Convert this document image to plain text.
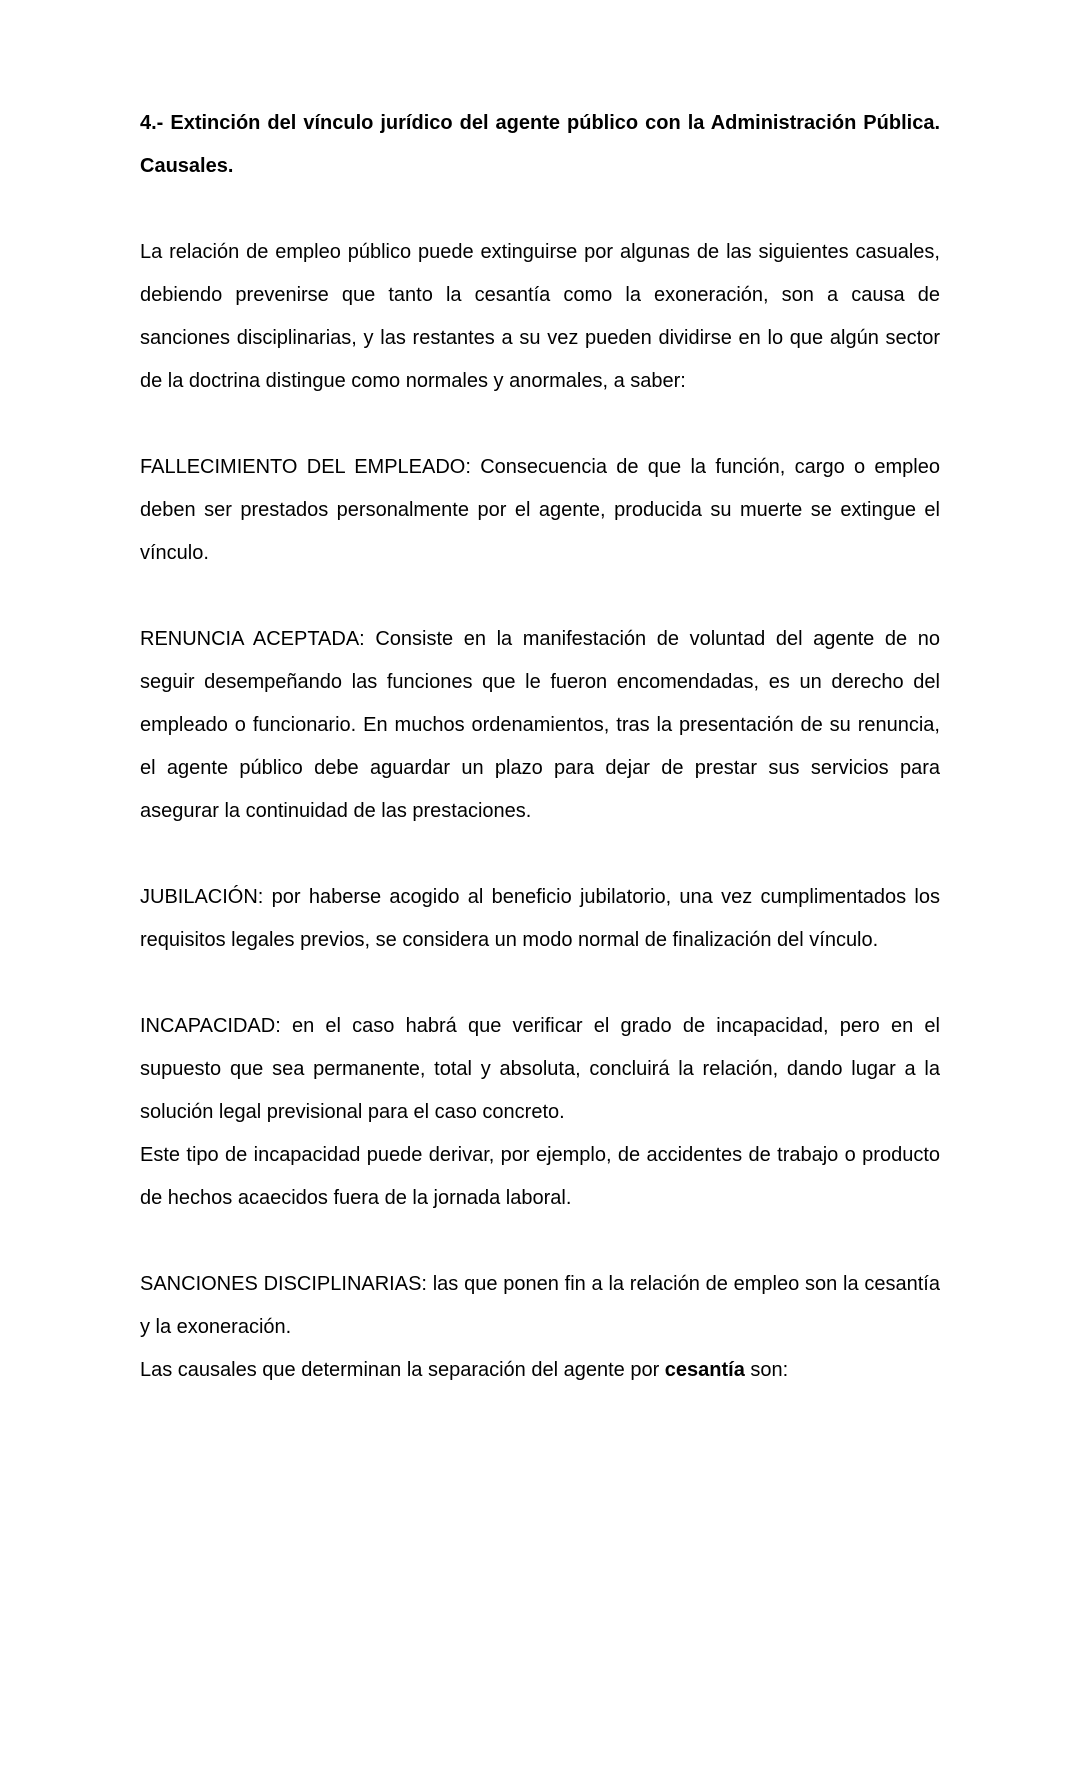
4.- Extinción del vínculo jurídico del agente público con la Administración Pública. Causales.

La relación de empleo público puede extinguirse por algunas de las siguientes casuales, debiendo prevenirse que tanto la cesantía como la exoneración, son a causa de sanciones disciplinarias, y las restantes a su vez pueden dividirse en lo que algún sector de la doctrina distingue como normales y anormales, a saber:

FALLECIMIENTO DEL EMPLEADO: Consecuencia de que la función, cargo o empleo deben ser prestados personalmente por el agente, producida su muerte se extingue el vínculo.

RENUNCIA ACEPTADA: Consiste en la manifestación de voluntad del agente de no seguir desempeñando las funciones que le fueron encomendadas, es un derecho del empleado o funcionario. En muchos ordenamientos, tras la presentación de su renuncia, el agente público debe aguardar un plazo para dejar de prestar sus servicios para asegurar la continuidad de las prestaciones.

JUBILACIÓN: por haberse acogido al beneficio jubilatorio, una vez cumplimentados los requisitos legales previos, se considera un modo normal de finalización del vínculo.

INCAPACIDAD: en el caso habrá que verificar el grado de incapacidad, pero en el supuesto que sea permanente, total y absoluta, concluirá la relación, dando lugar a la solución legal previsional para el caso concreto.

Este tipo de incapacidad puede derivar, por ejemplo, de accidentes de trabajo o producto de hechos acaecidos fuera de la jornada laboral.

SANCIONES DISCIPLINARIAS: las que ponen fin a la relación de empleo son la cesantía y la exoneración.

Las causales que determinan la separación del agente por cesantía son:
